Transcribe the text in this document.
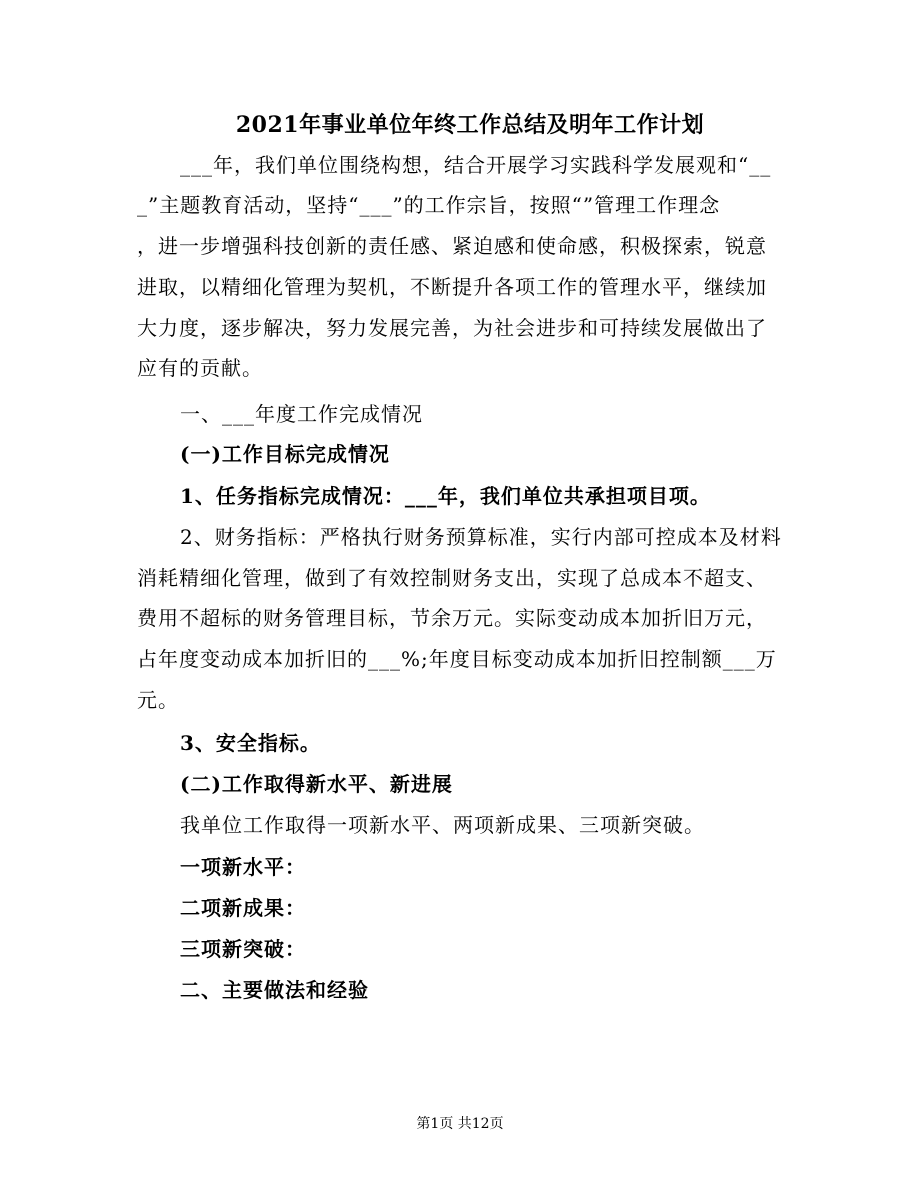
2021年事业单位年终工作总结及明年工作计划

___年，我们单位围绕构想，结合开展学习实践科学发展观和“__

_”主题教育活动，坚持“___”的工作宗旨，按照“”管理工作理念

，进一步增强科技创新的责任感、紧迫感和使命感，积极探索，锐意

进取，以精细化管理为契机，不断提升各项工作的管理水平，继续加

大力度，逐步解决，努力发展完善，为社会进步和可持续发展做出了

应有的贡献。

一、___年度工作完成情况

(一)工作目标完成情况

1、任务指标完成情况：___年，我们单位共承担项目项。

2、财务指标：严格执行财务预算标准，实行内部可控成本及材料

消耗精细化管理，做到了有效控制财务支出，实现了总成本不超支、

费用不超标的财务管理目标，节余万元。实际变动成本加折旧万元，

占年度变动成本加折旧的___%;年度目标变动成本加折旧控制额___万

元。

3、安全指标。

(二)工作取得新水平、新进展

我单位工作取得一项新水平、两项新成果、三项新突破。

一项新水平：

二项新成果：

三项新突破：

二、主要做法和经验

第1页 共12页
